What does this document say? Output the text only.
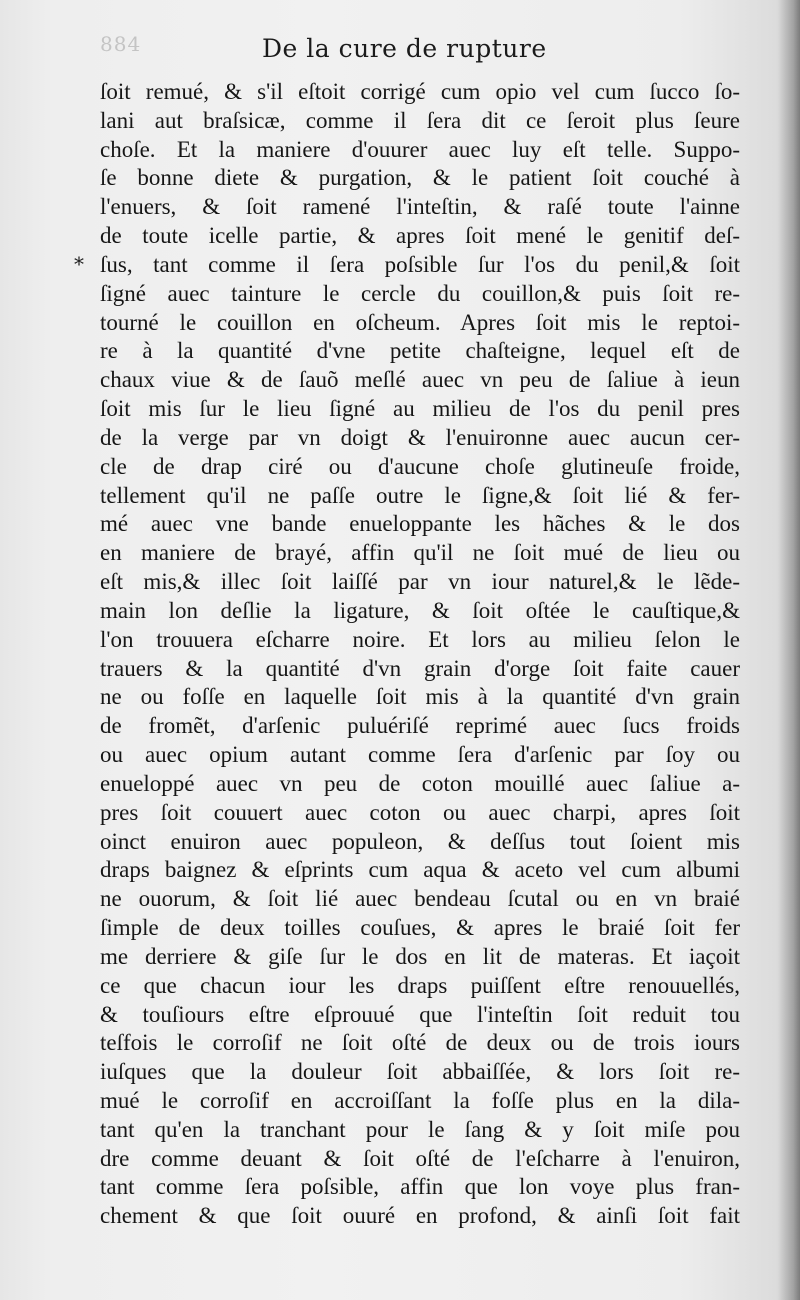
884	De la cure de rupture
*
ſoit remué, & s'il eſtoit corrigé cum opio vel cum ſucco ſo-
lani aut braſsicæ, comme il ſera dit ce ſeroit plus ſeure
choſe. Et la maniere d'ouurer auec luy eſt telle. Suppo-
ſe bonne diete & purgation, & le patient ſoit couché à
l'enuers, & ſoit ramené l'inteſtin, & raſé toute l'ainne
de toute icelle partie, & apres ſoit mené le genitif deſ-
ſus, tant comme il ſera poſsible ſur l'os du penil,& ſoit
ſigné auec tainture le cercle du couillon,& puis ſoit re-
tourné le couillon en oſcheum. Apres ſoit mis le reptoi-
re à la quantité d'vne petite chaſteigne, lequel eſt de
chaux viue & de ſauõ meſlé auec vn peu de ſaliue à ieun
ſoit mis ſur le lieu ſigné au milieu de l'os du penil pres
de la verge par vn doigt & l'enuironne auec aucun cer-
cle de drap ciré ou d'aucune choſe glutineuſe froide,
tellement qu'il ne paſſe outre le ſigne,& ſoit lié & fer-
mé auec vne bande enueloppante les hãches & le dos
en maniere de brayé, affin qu'il ne ſoit mué de lieu ou
eſt mis,& illec ſoit laiſſé par vn iour naturel,& le lẽde-
main lon deſlie la ligature, & ſoit oſtée le cauſtique,&
l'on trouuera eſcharre noire. Et lors au milieu ſelon le
trauers & la quantité d'vn grain d'orge ſoit faite cauer
ne ou foſſe en laquelle ſoit mis à la quantité d'vn grain
de fromẽt, d'arſenic puluériſé reprimé auec ſucs froids
ou auec opium autant comme ſera d'arſenic par ſoy ou
enueloppé auec vn peu de coton mouillé auec ſaliue a-
pres ſoit couuert auec coton ou auec charpi, apres ſoit
oinct enuiron auec populeon, & deſſus tout ſoient mis
draps baignez & eſprints cum aqua & aceto vel cum albumi
ne ouorum, & ſoit lié auec bendeau ſcutal ou en vn braié
ſimple de deux toilles couſues, & apres le braié ſoit fer
me derriere & giſe ſur le dos en lit de materas. Et iaçoit
ce que chacun iour les draps puiſſent eſtre renouuellés,
& touſiours eſtre eſprouué que l'inteſtin ſoit reduit tou
teſfois le corroſif ne ſoit oſté de deux ou de trois iours
iuſques que la douleur ſoit abbaiſſée, & lors ſoit re-
mué le corroſif en accroiſſant la foſſe plus en la dila-
tant qu'en la tranchant pour le ſang & y ſoit miſe pou
dre comme deuant & ſoit oſté de l'eſcharre à l'enuiron,
tant comme ſera poſsible, affin que lon voye plus fran-
chement & que ſoit ouuré en profond, & ainſi ſoit fait
